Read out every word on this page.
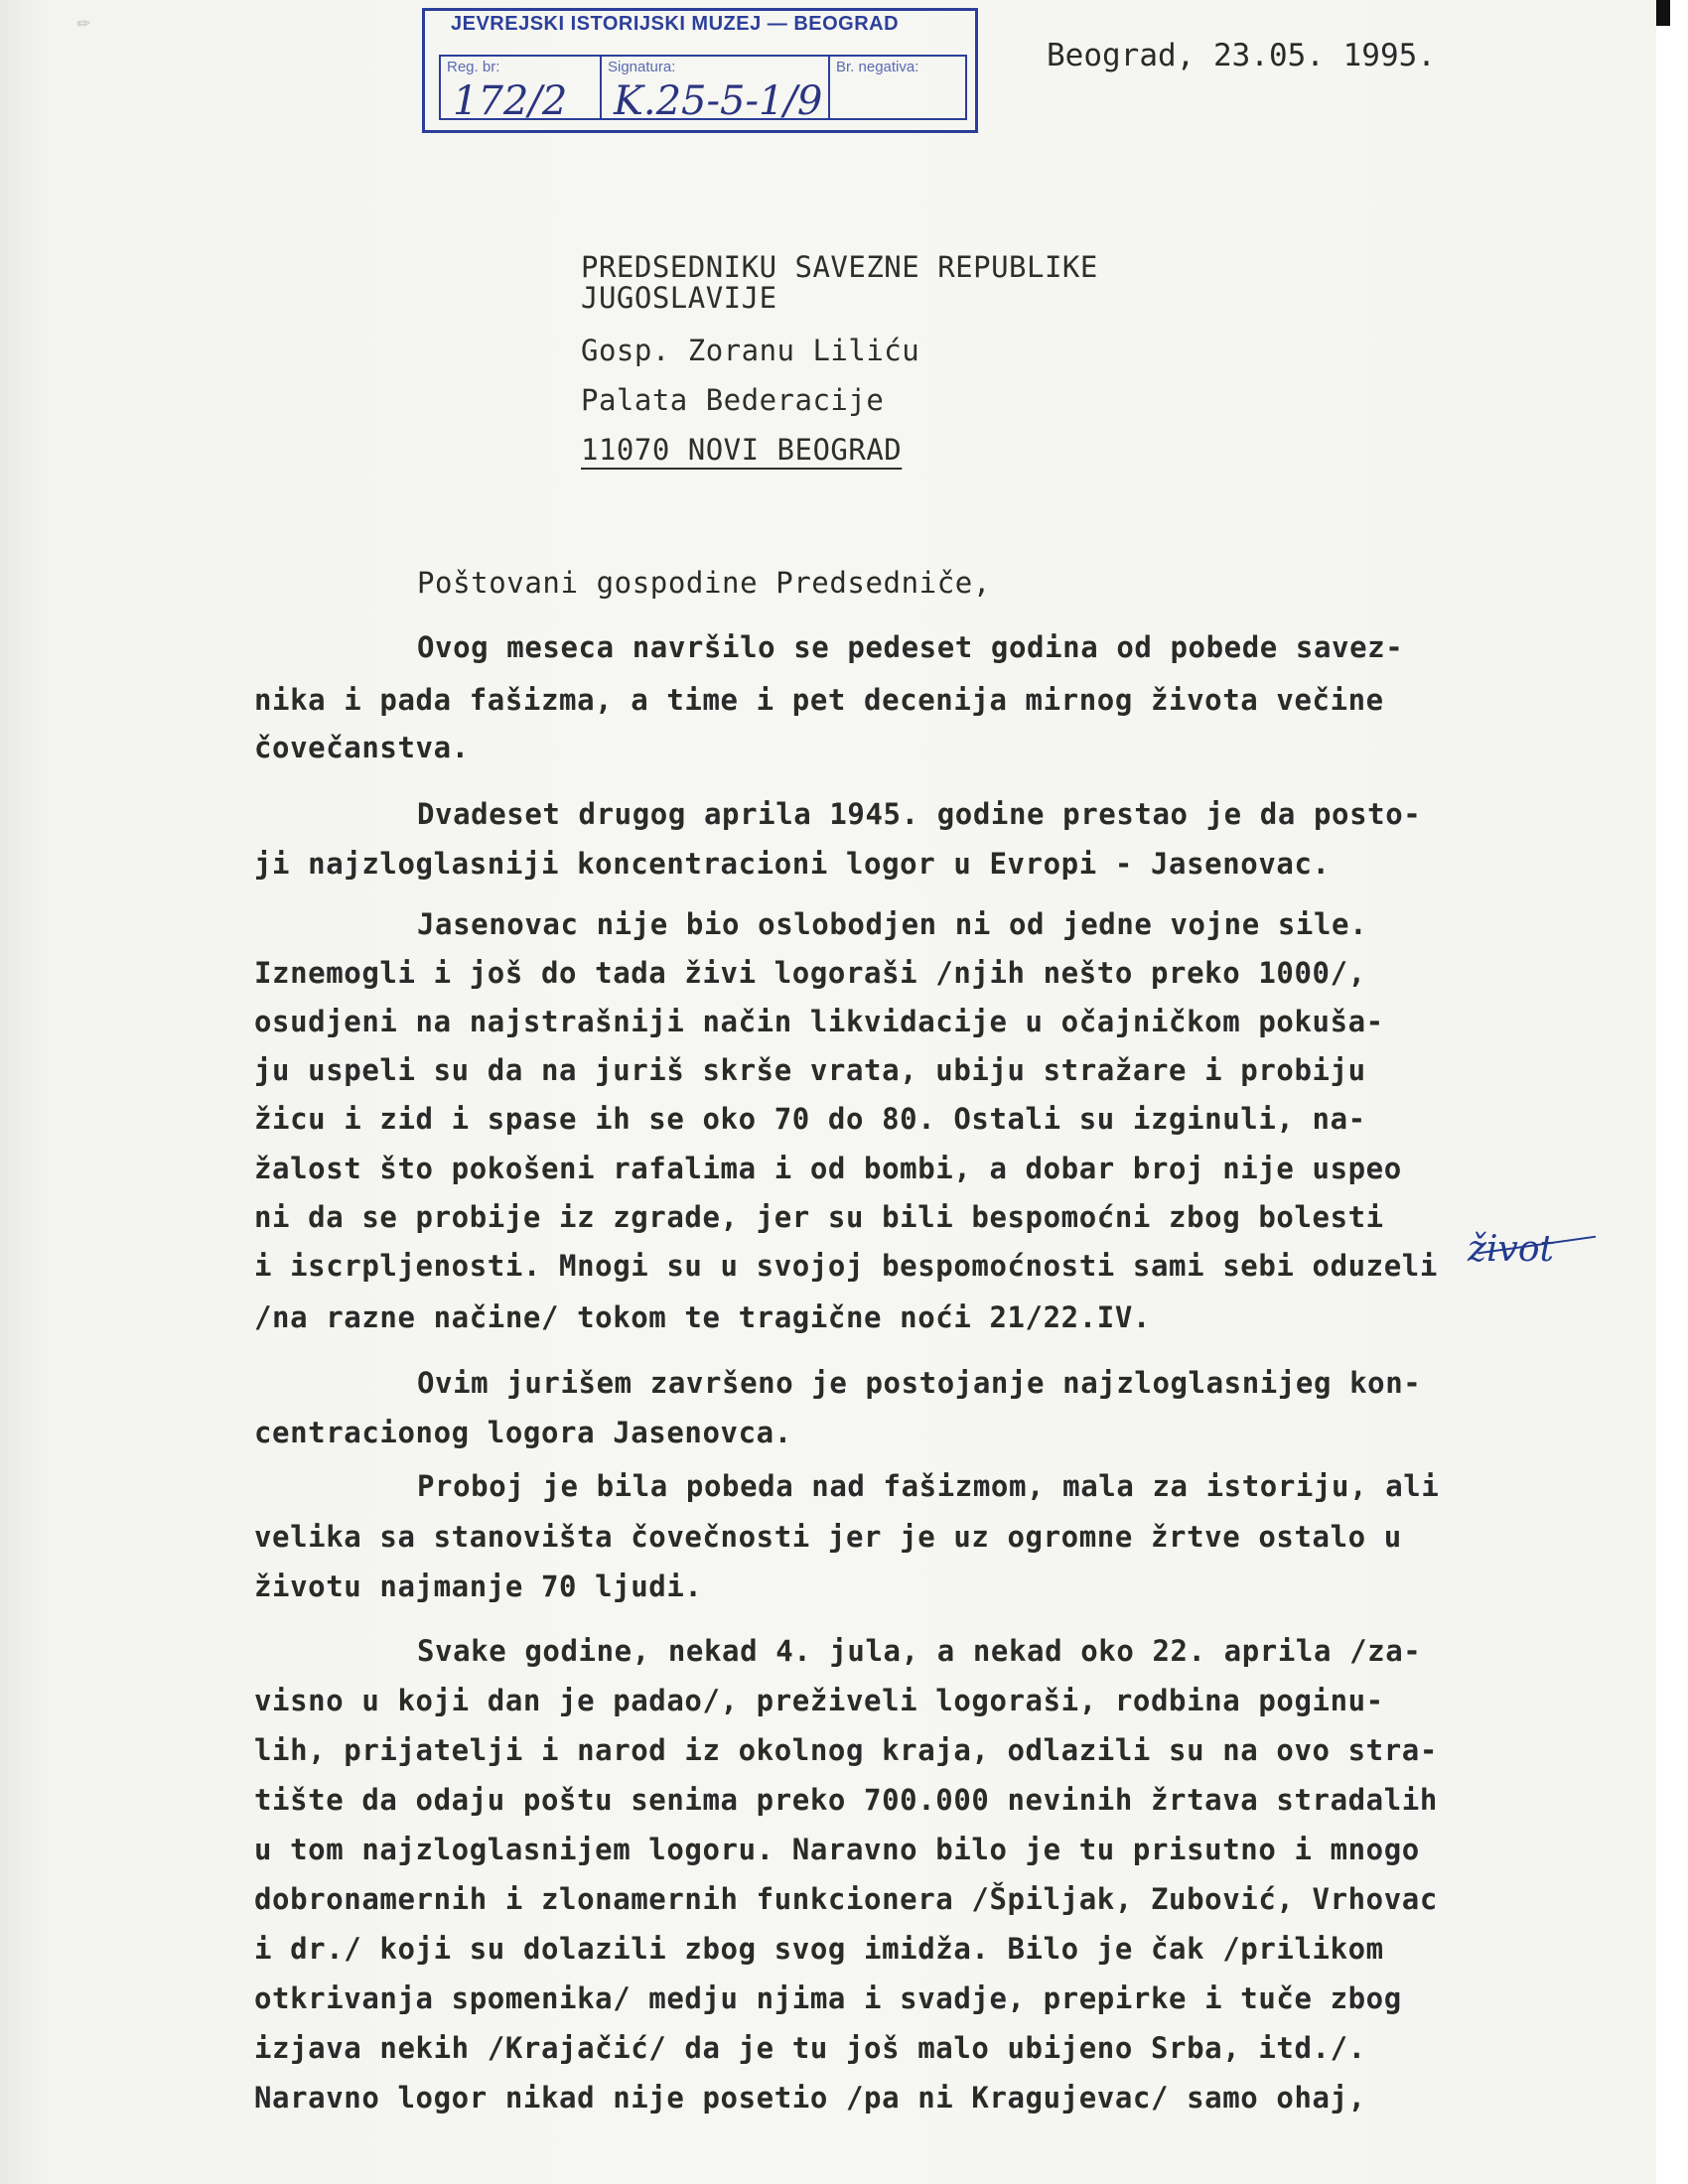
✎	JEVREJSKI ISTORIJSKI MUZEJ — BEOGRAD
Reg. br:
172/2
Signatura:
K.25-5-1/9
Br. negativa:	Beograd, 23.05. 1995.
PREDSEDNIKU SAVEZNE REPUBLIKE
JUGOSLAVIJE
Gosp. Zoranu Liliću
Palata Bederacije
11070 NOVI BEOGRAD
Poštovani gospodine Predsedniče,
Ovog meseca navršilo se pedeset godina od pobede savez-
nika i pada fašizma, a time i pet decenija mirnog života večine
čovečanstva.
Dvadeset drugog aprila 1945. godine prestao je da posto-
ji najzloglasniji koncentracioni logor u Evropi - Jasenovac.
Jasenovac nije bio oslobodjen ni od jedne vojne sile.
Iznemogli i još do tada živi logoraši /njih nešto preko 1000/,
osudjeni na najstrašniji način likvidacije u očajničkom pokuša-
ju uspeli su da na juriš skrše vrata, ubiju stražare i probiju
žicu i zid i spase ih se oko 70 do 80. Ostali su izginuli, na-
žalost što pokošeni rafalima i od bombi, a dobar broj nije uspeo
ni da se probije iz zgrade, jer su bili bespomoćni zbog bolesti
i iscrpljenosti. Mnogi su u svojoj bespomoćnosti sami sebi oduzeli
/na razne načine/ tokom te tragične noći 21/22.IV.
Ovim jurišem završeno je postojanje najzloglasnijeg kon-
centracionog logora Jasenovca.
Proboj je bila pobeda nad fašizmom, mala za istoriju, ali
velika sa stanovišta čovečnosti jer je uz ogromne žrtve ostalo u
životu najmanje 70 ljudi.
Svake godine, nekad 4. jula, a nekad oko 22. aprila /za-
visno u koji dan je padao/, preživeli logoraši, rodbina poginu-
lih, prijatelji i narod iz okolnog kraja, odlazili su na ovo stra-
tište da odaju poštu senima preko 700.000 nevinih žrtava stradalih
u tom najzloglasnijem logoru. Naravno bilo je tu prisutno i mnogo
dobronamernih i zlonamernih funkcionera /Špiljak, Zubović, Vrhovac
i dr./ koji su dolazili zbog svog imidža. Bilo je čak /prilikom
otkrivanja spomenika/ medju njima i svadje, prepirke i tuče zbog
izjava nekih /Krajačić/ da je tu još malo ubijeno Srba, itd./.
Naravno logor nikad nije posetio /pa ni Kragujevac/ samo ohaj,
život
